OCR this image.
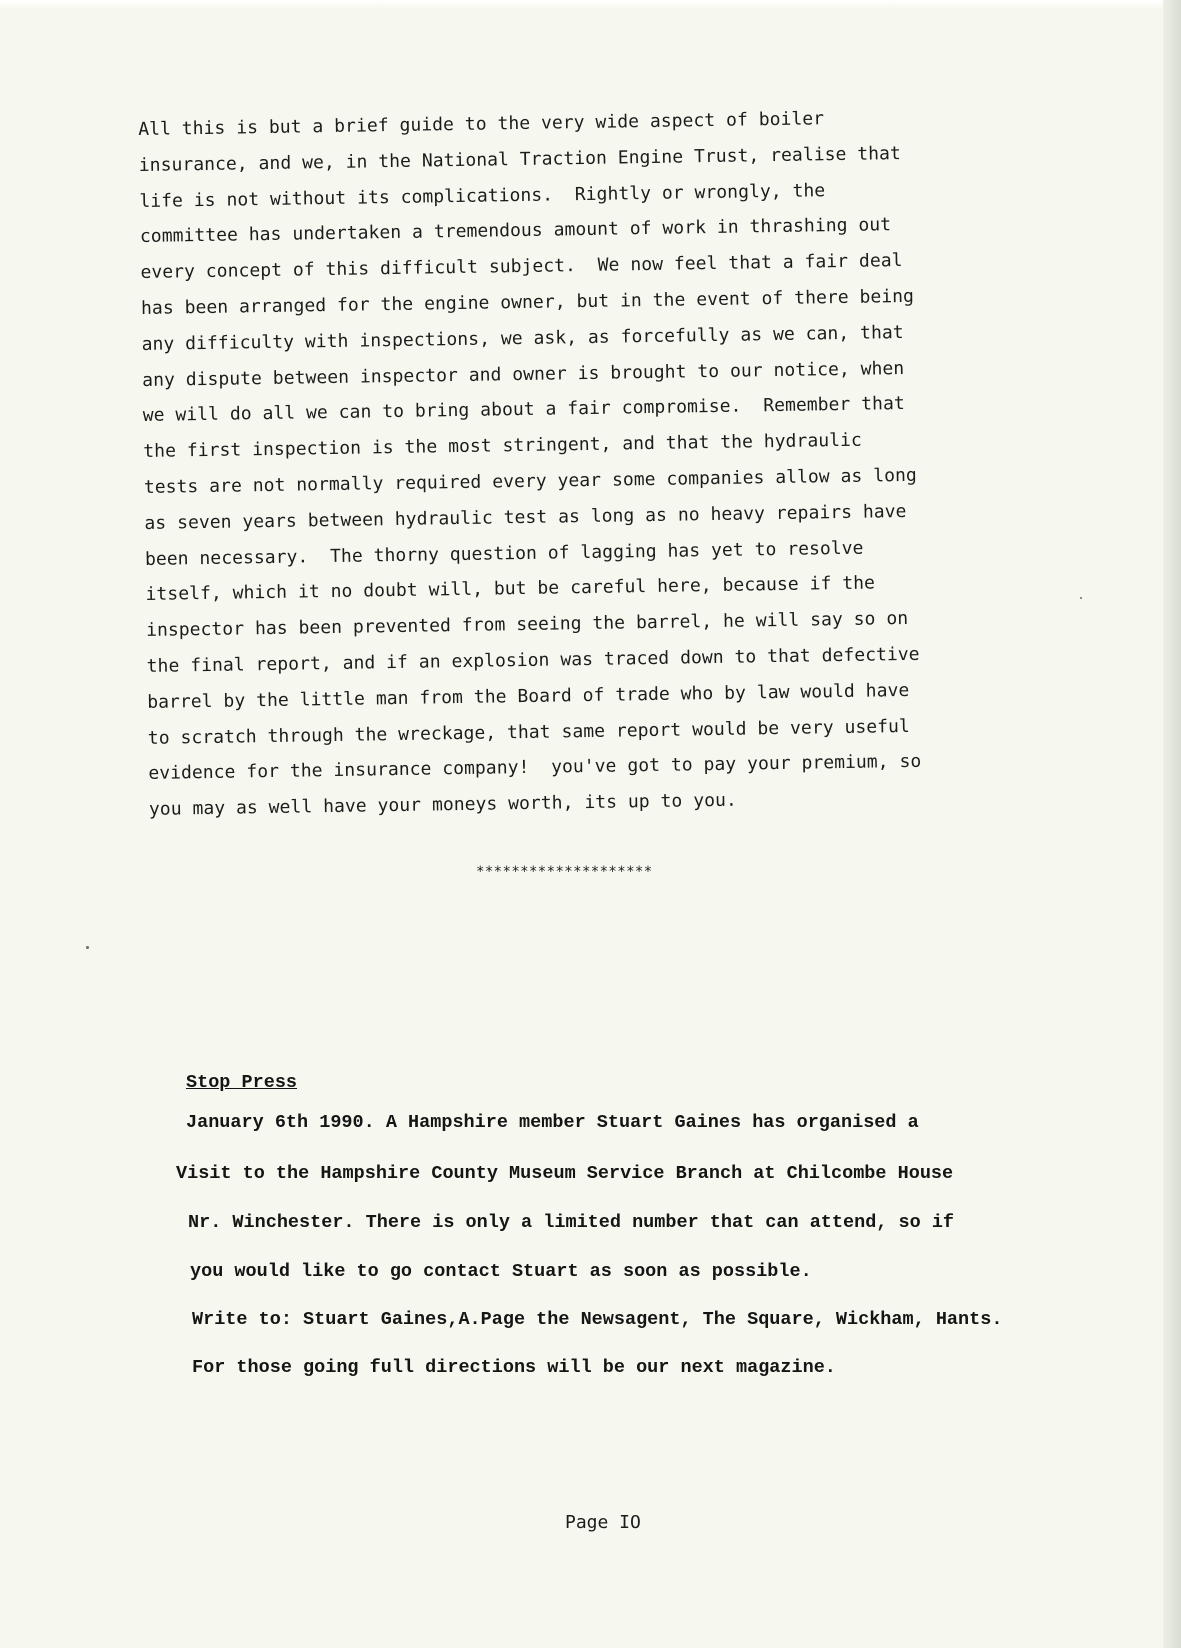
All this is but a brief guide to the very wide aspect of boiler
insurance, and we, in the National Traction Engine Trust, realise that
life is not without its complications.  Rightly or wrongly, the
committee has undertaken a tremendous amount of work in thrashing out
every concept of this difficult subject.  We now feel that a fair deal
has been arranged for the engine owner, but in the event of there being
any difficulty with inspections, we ask, as forcefully as we can, that
any dispute between inspector and owner is brought to our notice, when
we will do all we can to bring about a fair compromise.  Remember that
the first inspection is the most stringent, and that the hydraulic
tests are not normally required every year some companies allow as long
as seven years between hydraulic test as long as no heavy repairs have
been necessary.  The thorny question of lagging has yet to resolve
itself, which it no doubt will, but be careful here, because if the
inspector has been prevented from seeing the barrel, he will say so on
the final report, and if an explosion was traced down to that defective
barrel by the little man from the Board of trade who by law would have
to scratch through the wreckage, that same report would be very useful
evidence for the insurance company!  you've got to pay your premium, so
you may as well have your moneys worth, its up to you.

********************

Stop Press

January 6th 1990. A Hampshire member Stuart Gaines has organised a

Visit to the Hampshire County Museum Service Branch at Chilcombe House

Nr. Winchester. There is only a limited number that can attend, so if

you would like to go contact Stuart as soon as possible.

Write to: Stuart Gaines,A.Page the Newsagent, The Square, Wickham, Hants.

For those going full directions will be our next magazine.

Page IO
